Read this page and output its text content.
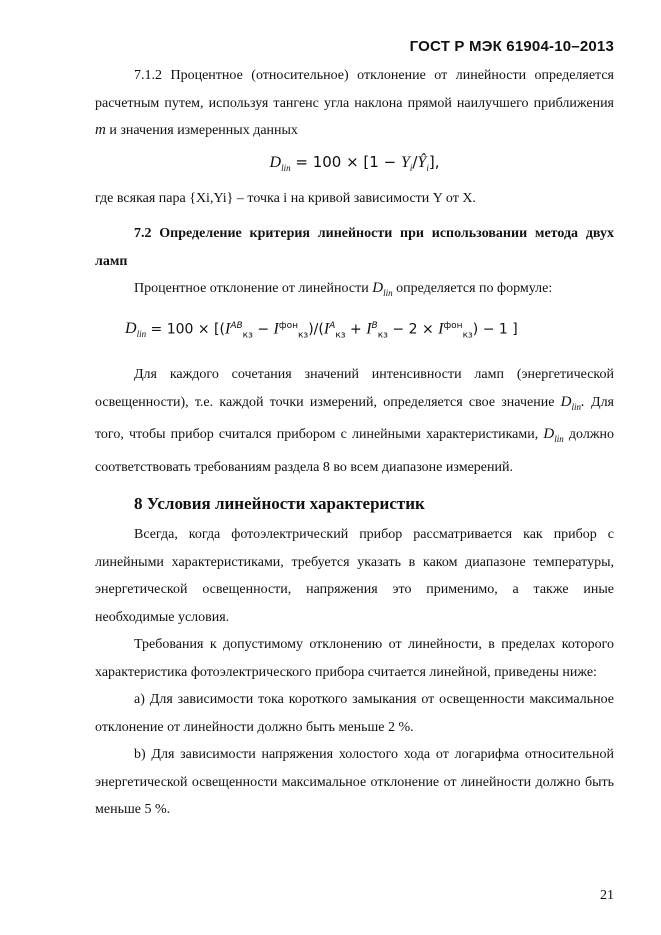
ГОСТ Р МЭК 61904-10–2013

7.1.2 Процентное (относительное) отклонение от линейности определяется расчетным путем, используя тангенс угла наклона прямой наилучшего приближения m и значения измеренных данных

$D_{lin} = 100 \times [1$ − $Y_i/Ŷ_i$],

где всякая пара {Xi,Yi} – точка i на кривой зависимости Y от X.

7.2 Определение критерия линейности при использовании метода двух ламп

Процентное отклонение от линейности $D_{lin}$ определяется по формуле:

$D_{lin} = 100 \times [(I^{AB}_{кз} - I^{фон}_{кз})/(I^A_{кз} + I^B_{кз} - 2 \times I^{фон}_{кз}) - 1$ ]

Для каждого сочетания значений интенсивности ламп (энергетической освещенности), т.е. каждой точки измерений, определяется свое значение $D_{lin}$. Для того, чтобы прибор считался прибором с линейными характеристиками, $D_{lin}$ должно соответствовать требованиям раздела 8 во всем диапазоне измерений.

8 Условия линейности характеристик

Всегда, когда фотоэлектрический прибор рассматривается как прибор с линейными характеристиками, требуется указать в каком диапазоне температуры, энергетической освещенности, напряжения это применимо, а также иные необходимые условия.

Требования к допустимому отклонению от линейности, в пределах которого характеристика фотоэлектрического прибора считается линейной, приведены ниже:

a) Для зависимости тока короткого замыкания от освещенности максимальное отклонение от линейности должно быть меньше 2 %.

b) Для зависимости напряжения холостого хода от логарифма относительной энергетической освещенности максимальное отклонение от линейности должно быть меньше 5 %.

21
